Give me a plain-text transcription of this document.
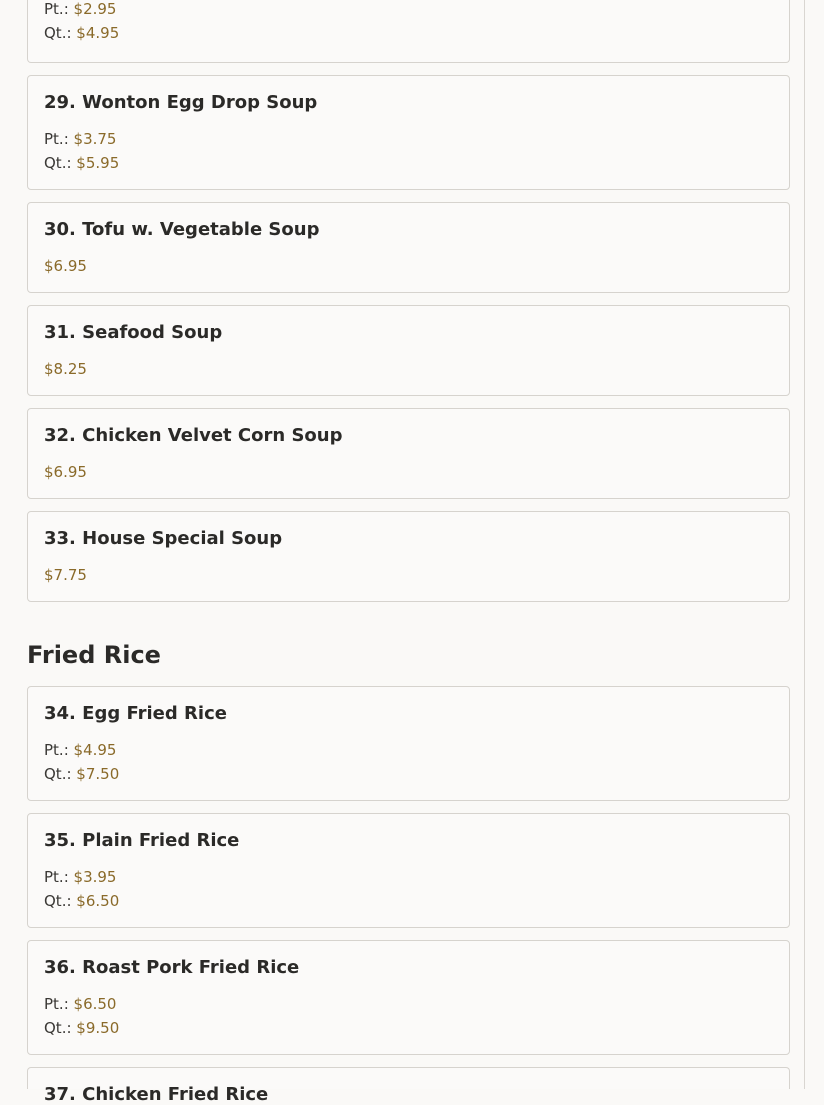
Pt.: $2.95
Qt.: $4.95
29. Wonton Egg Drop Soup
Pt.: $3.75
Qt.: $5.95
30. Tofu w. Vegetable Soup
$6.95
31. Seafood Soup
$8.25
32. Chicken Velvet Corn Soup
$6.95
33. House Special Soup
$7.75
Fried Rice
34. Egg Fried Rice
Pt.: $4.95
Qt.: $7.50
35. Plain Fried Rice
Pt.: $3.95
Qt.: $6.50
36. Roast Pork Fried Rice
Pt.: $6.50
Qt.: $9.50
37. Chicken Fried Rice
